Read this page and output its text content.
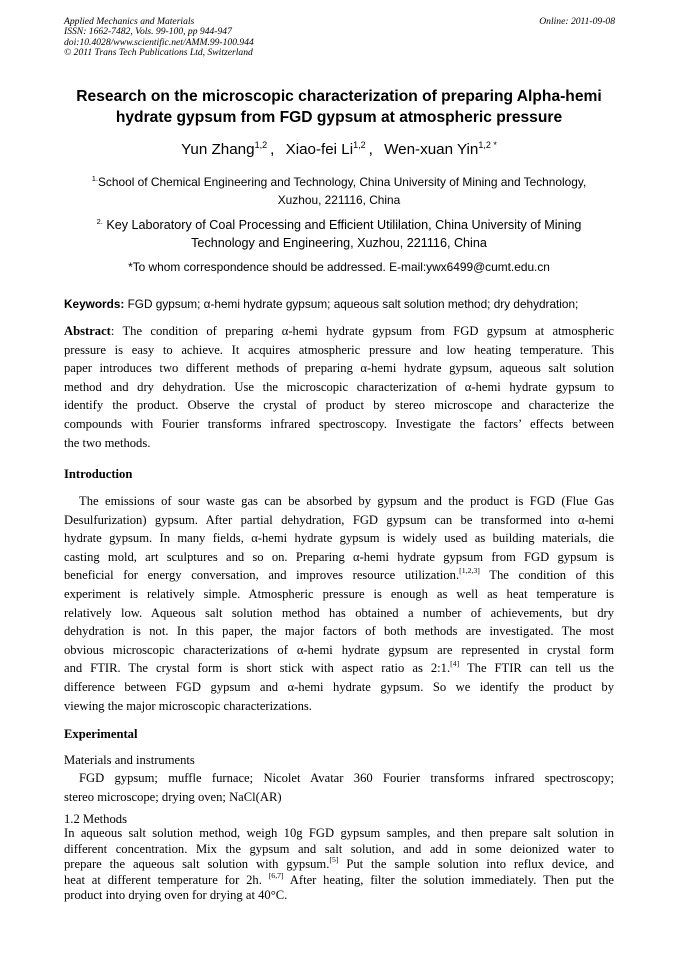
Applied Mechanics and Materials
ISSN: 1662-7482, Vols. 99-100, pp 944-947
doi:10.4028/www.scientific.net/AMM.99-100.944
© 2011 Trans Tech Publications Ltd, Switzerland
Online: 2011-09-08
Research on the microscopic characterization of preparing Alpha-hemi
hydrate gypsum from FGD gypsum at atmospheric pressure
Yun Zhang$^{1,2}$ , Xiao-fei Li$^{1,2}$ , Wen-xuan Yin$^{1,2 *}$
$^{1.}$School of Chemical Engineering and Technology, China University of Mining and Technology,
Xuzhou, 221116, China
$^{2.}$ Key Laboratory of Coal Processing and Efficient Utililation, China University of Mining
Technology and Engineering, Xuzhou, 221116, China
*To whom correspondence should be addressed. E-mail:ywx6499@cumt.edu.cn
Keywords: FGD gypsum; α-hemi hydrate gypsum; aqueous salt solution method; dry dehydration;
Abstract: The condition of preparing α-hemi hydrate gypsum from FGD gypsum at atmospheric
pressure is easy to achieve. It acquires atmospheric pressure and low heating temperature. This
paper introduces two different methods of preparing α-hemi hydrate gypsum, aqueous salt solution
method and dry dehydration. Use the microscopic characterization of α-hemi hydrate gypsum to
identify the product. Observe the crystal of product by stereo microscope and characterize the
compounds with Fourier transforms infrared spectroscopy. Investigate the factors’ effects between
the two methods.
Introduction
The emissions of sour waste gas can be absorbed by gypsum and the product is FGD (Flue Gas
Desulfurization) gypsum. After partial dehydration, FGD gypsum can be transformed into α-hemi
hydrate gypsum. In many fields, α-hemi hydrate gypsum is widely used as building materials, die
casting mold, art sculptures and so on. Preparing α-hemi hydrate gypsum from FGD gypsum is
beneficial for energy conversation, and improves resource utilization.[1,2,3] The condition of this
experiment is relatively simple. Atmospheric pressure is enough as well as heat temperature is
relatively low. Aqueous salt solution method has obtained a number of achievements, but dry
dehydration is not. In this paper, the major factors of both methods are investigated. The most
obvious microscopic characterizations of α-hemi hydrate gypsum are represented in crystal form
and FTIR. The crystal form is short stick with aspect ratio as 2:1.[4] The FTIR can tell us the
difference between FGD gypsum and α-hemi hydrate gypsum. So we identify the product by
viewing the major microscopic characterizations.
Experimental
Materials and instruments
FGD gypsum; muffle furnace; Nicolet Avatar 360 Fourier transforms infrared spectroscopy;
stereo microscope; drying oven; NaCl(AR)
1.2 Methods
In aqueous salt solution method, weigh 10g FGD gypsum samples, and then prepare salt solution in
different concentration. Mix the gypsum and salt solution, and add in some deionized water to
prepare the aqueous salt solution with gypsum.[5] Put the sample solution into reflux device, and
heat at different temperature for 2h. [6,7] After heating, filter the solution immediately. Then put the
product into drying oven for drying at 40°C.
